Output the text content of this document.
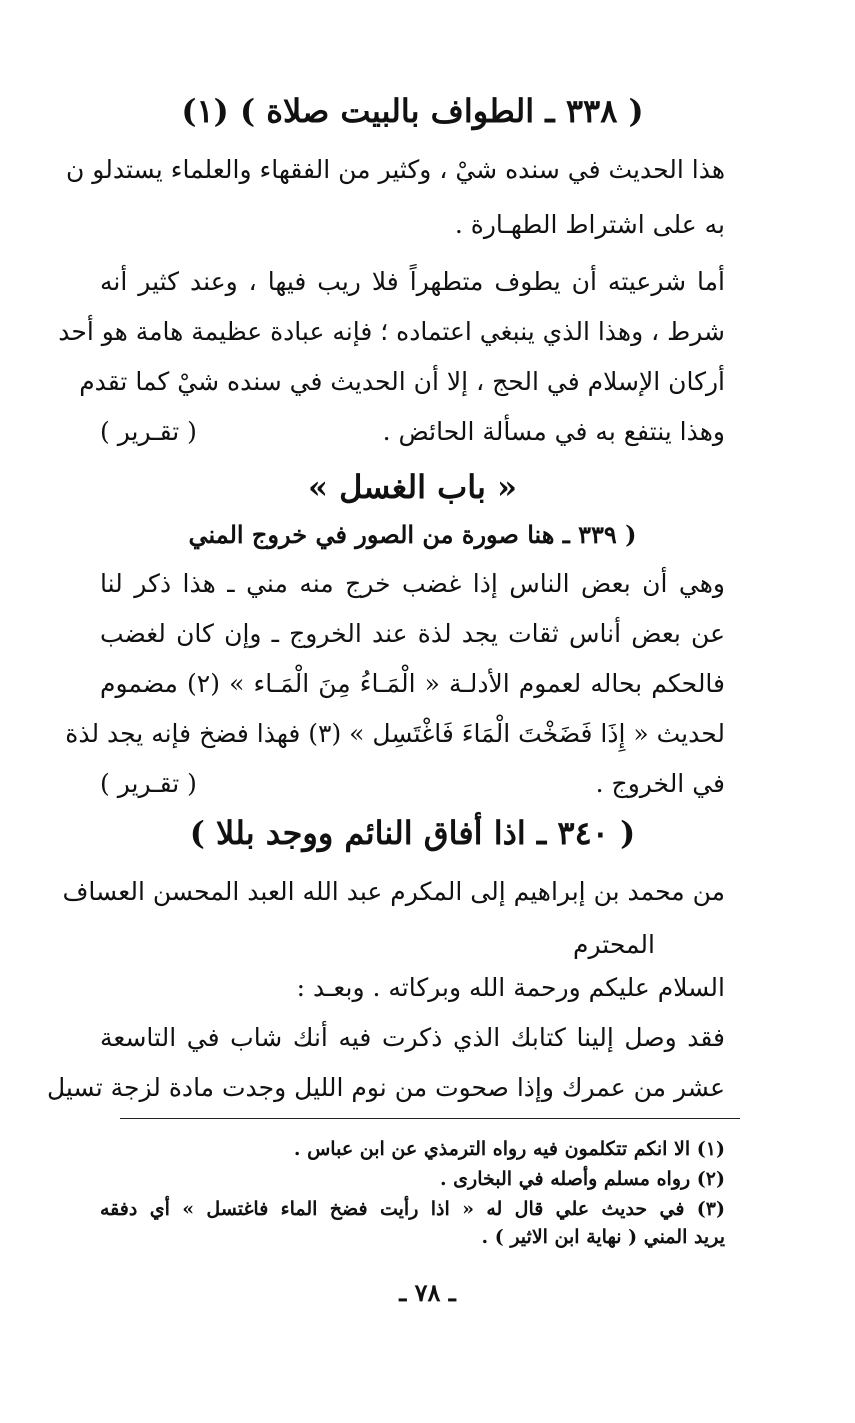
( ٣٣٨ ـ الطواف بالبيت صلاة ) (١)
هذا الحديث في سنده شيْ ، وكثير من الفقهاء والعلماء يستدلو ن
به على اشتراط الطهـارة .
أما شرعيته أن يطوف متطهراً فلا ريب فيها ، وعند كثير أنه
شرط ، وهذا الذي ينبغي اعتماده ؛ فإنه عبادة عظيمة هامة هو أحد
أركان الإسلام في الحج ، إلا أن الحديث في سنده شيْ كما تقدم
وهذا ينتفع به في مسألة الحائض .
( تقـرير )
« باب الغسل »
( ٣٣٩ ـ هنا صورة من الصور في خروج المني
وهي أن بعض الناس إذا غضب خرج منه مني ـ هذا ذكر لنا
عن بعض أناس ثقات يجد لذة عند الخروج ـ وإن كان لغضب
فالحكم بحاله لعموم الأدلـة « الْمَـاءُ مِنَ الْمَـاء » (٢) مضموم
لحديث « إِذَا فَضَخْتَ الْمَاءَ فَاغْتَسِل » (٣) فهذا فضخ فإنه يجد لذة
في الخروج .
( تقـرير )
( ٣٤٠ ـ اذا أفاق النائم ووجد بللا )
من محمد بن إبراهيم إلى المكرم عبد الله العبد المحسن العساف
المحترم
السلام عليكم ورحمة الله وبركاته . وبعـد :
فقد وصل إلينا كتابك الذي ذكرت فيه أنك شاب في التاسعة
عشر من عمرك وإذا صحوت من نوم الليل وجدت مادة لزجة تسيل
(١) الا انكم تتكلمون فيه رواه الترمذي عن ابن عباس .
(٢) رواه مسلم وأصله في البخارى .
(٣) في حديث علي قال له « اذا رأيت فضخ الماء فاغتسل » أي دفقه
يريد المني ( نهاية ابن الاثير ) .
ـ ٧٨ ـ
